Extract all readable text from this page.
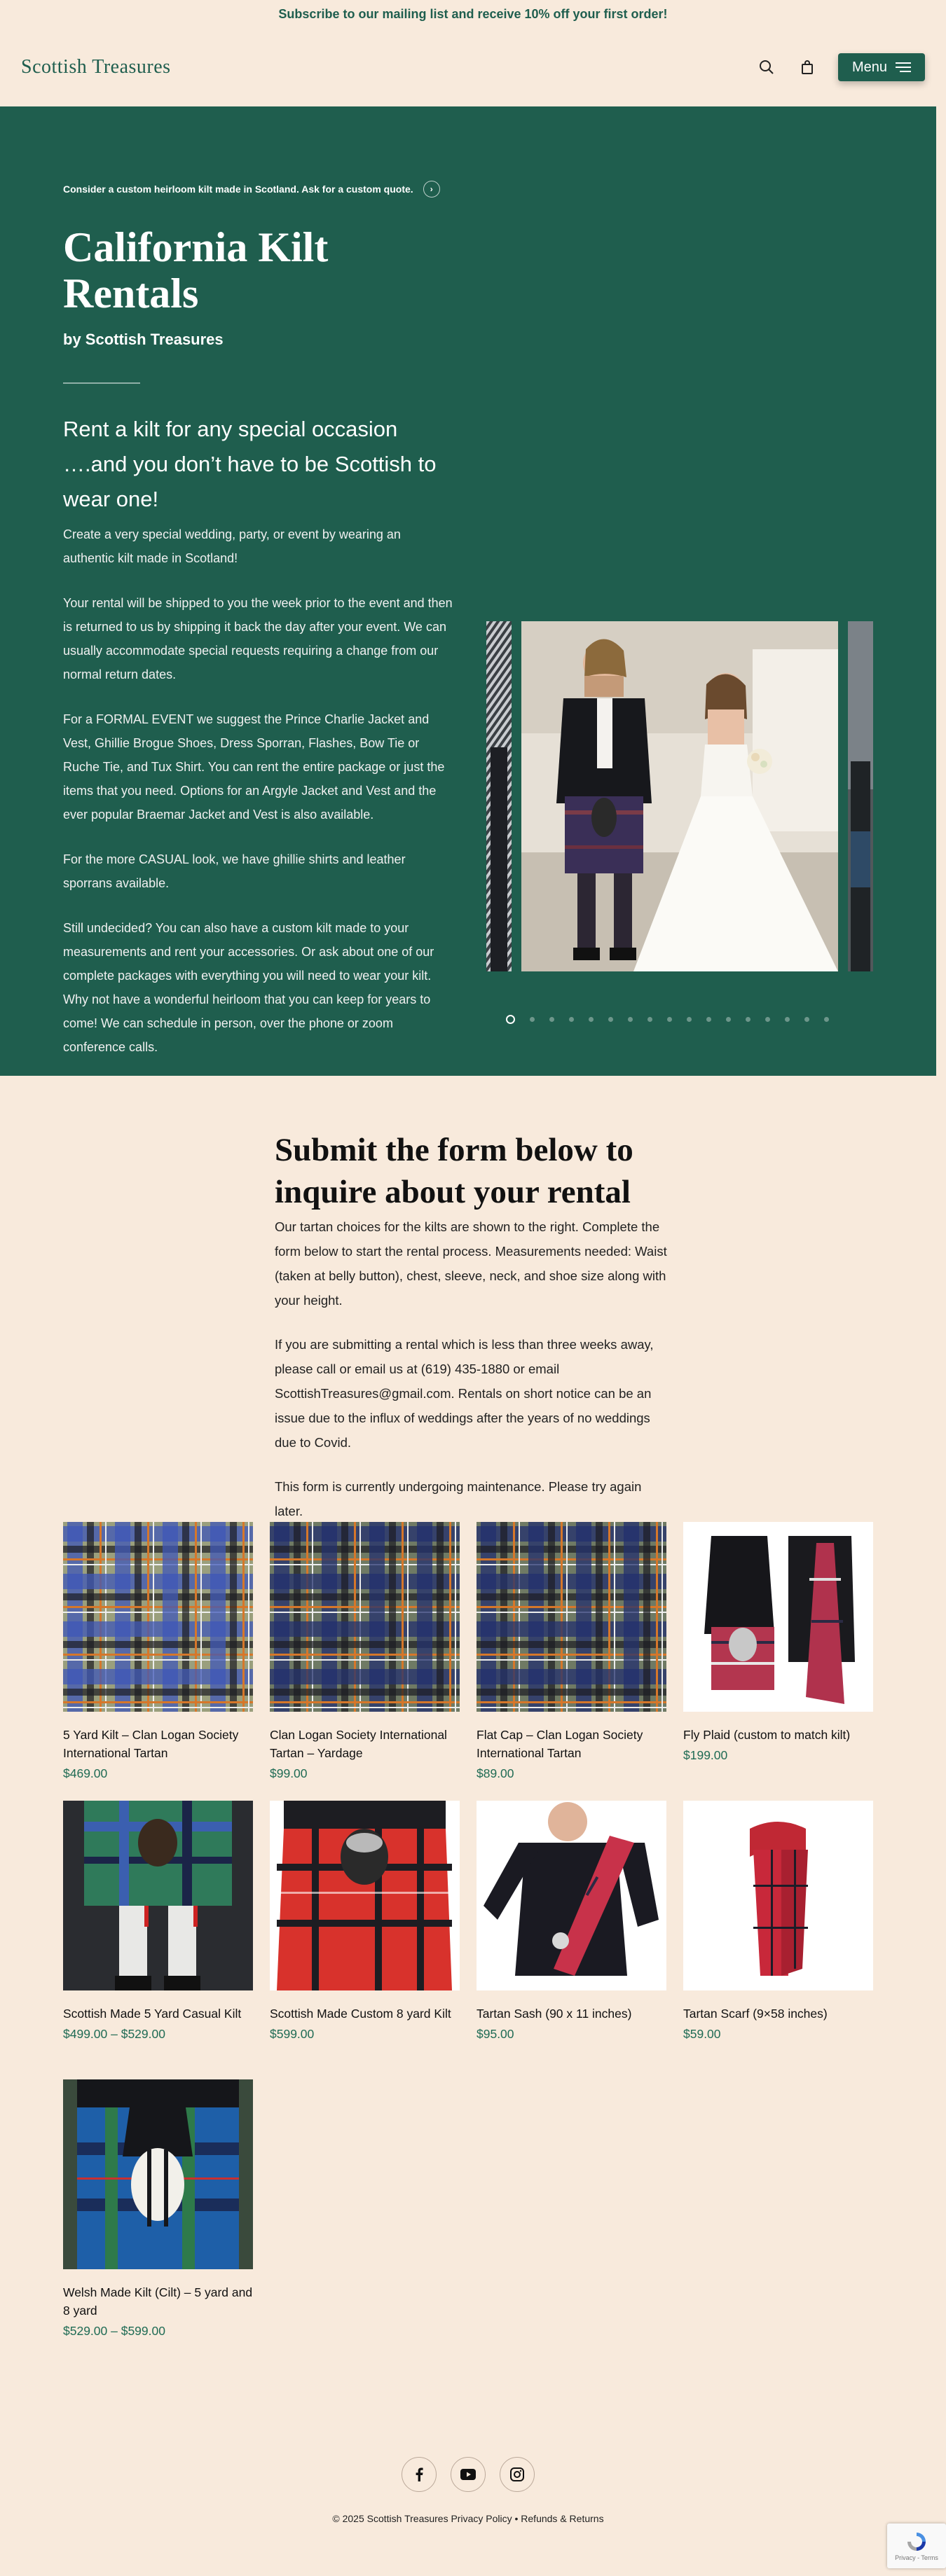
Subscribe to our mailing list and receive 10% off your first order!
Scottish Treasures	Menu
Consider a custom heirloom kilt made in Scotland. Ask for a custom quote.	›
California Kilt Rentals
by Scottish Treasures
Rent a kilt for any special occasion ….and you don’t have to be Scottish to wear one!

Create a very special wedding, party, or event by wearing an authentic kilt made in Scotland!

Your rental will be shipped to you the week prior to the event and then is returned to us by shipping it back the day after your event. We can usually accommodate special requests requiring a change from our normal return dates.

For a FORMAL EVENT we suggest the Prince Charlie Jacket and Vest, Ghillie Brogue Shoes, Dress Sporran, Flashes, Bow Tie or Ruche Tie, and Tux Shirt. You can rent the entire package or just the items that you need. Options for an Argyle Jacket and Vest and the ever popular Braemar Jacket and Vest is also available.

For the more CASUAL look, we have ghillie shirts and leather sporrans available.

Still undecided? You can also have a custom kilt made to your measurements and rent your accessories. Or ask about one of our complete packages with everything you will need to wear your kilt. Why not have a wonderful heirloom that you can keep for years to come! We can schedule in person, over the phone or zoom conference calls.

Submit the form below to inquire about your rental

Our tartan choices for the kilts are shown to the right. Complete the form below to start the rental process. Measurements needed: Waist (taken at belly button), chest, sleeve, neck, and shoe size along with your height.

If you are submitting a rental which is less than three weeks away, please call or email us at (619) 435-1880 or email ScottishTreasures@gmail.com. Rentals on short notice can be an issue due to the influx of weddings after the years of no weddings due to Covid.

This form is currently undergoing maintenance. Please try again later.

5 Yard Kilt – Clan Logan Society International Tartan
$469.00
Clan Logan Society International Tartan – Yardage
$99.00
Flat Cap – Clan Logan Society International Tartan
$89.00
Fly Plaid (custom to match kilt)
$199.00
Scottish Made 5 Yard Casual Kilt
$499.00 – $529.00
Scottish Made Custom 8 yard Kilt
$599.00
Tartan Sash (90 x 11 inches)
$95.00
Tartan Scarf (9×58 inches)
$59.00
Welsh Made Kilt (Cilt) – 5 yard and 8 yard
$529.00 – $599.00
© 2025 Scottish Treasures Privacy Policy • Refunds & Returns
Privacy - Terms
